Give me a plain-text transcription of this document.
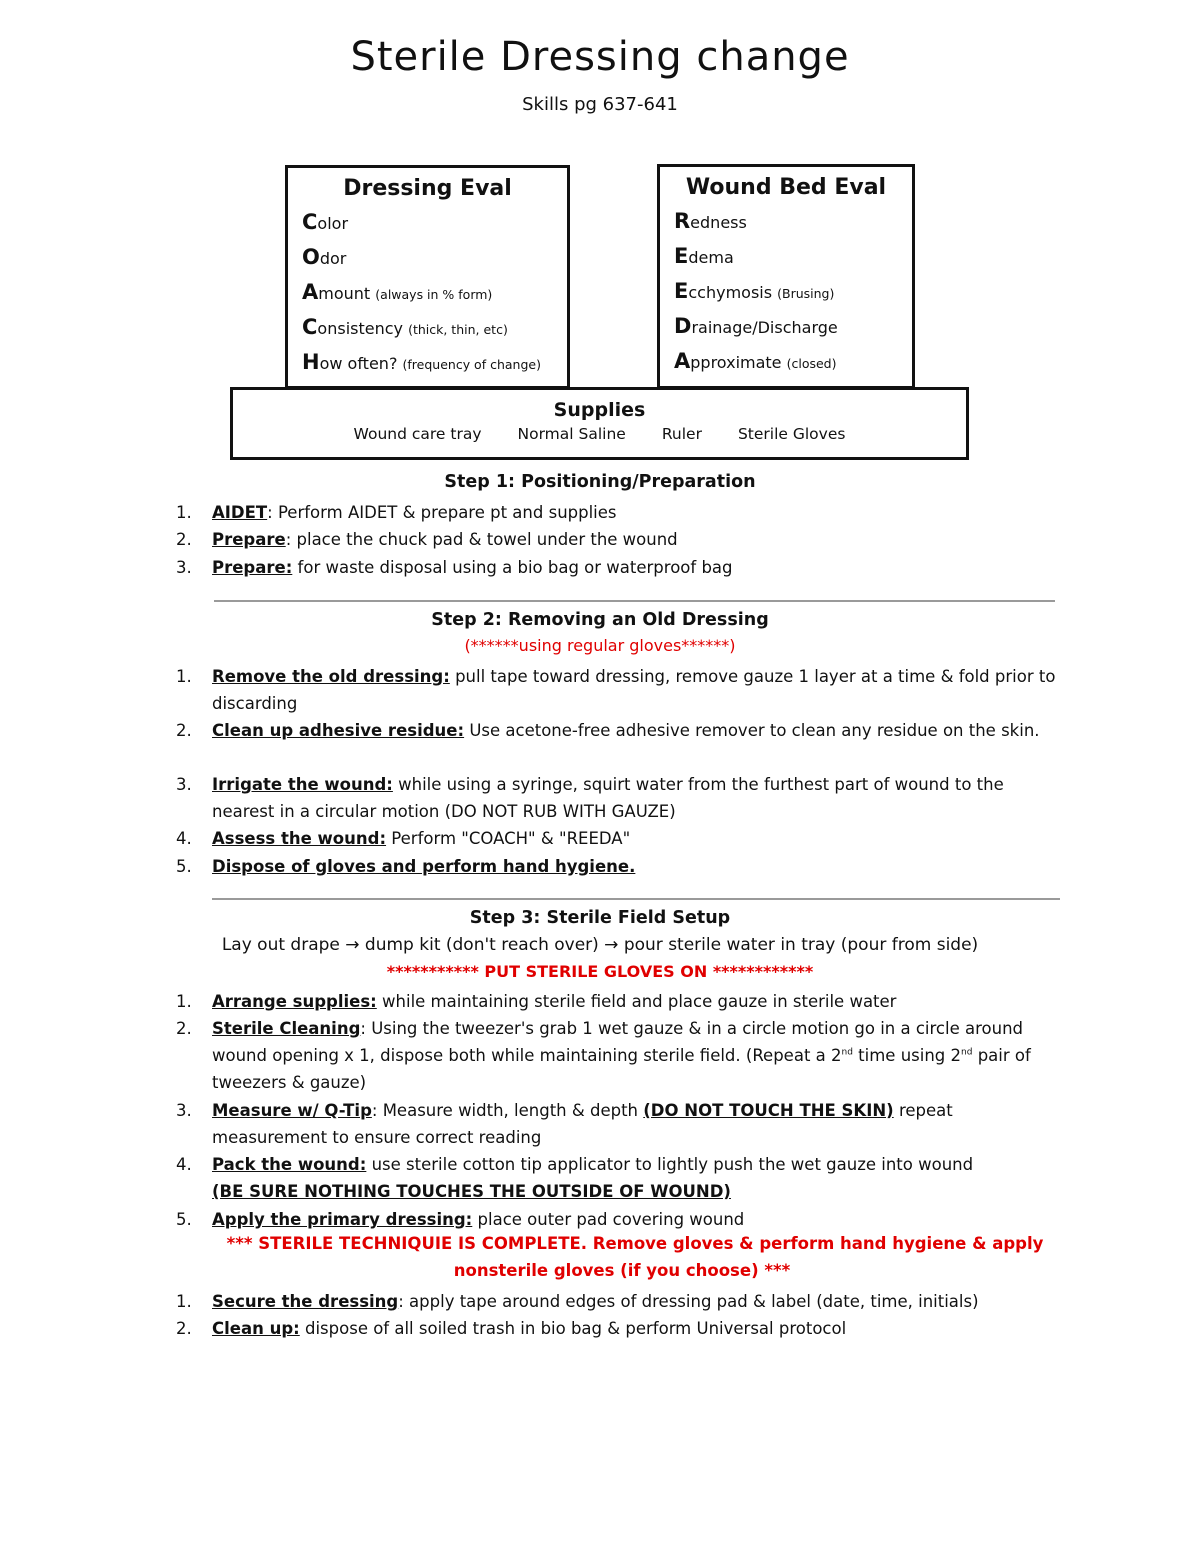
Sterile Dressing change
Skills pg 637-641
Dressing Eval
Color
Odor
Amount (always in % form)
Consistency (thick, thin, etc)
How often? (frequency of change)
Wound Bed Eval
Redness
Edema
Ecchymosis (Brusing)
Drainage/Discharge
Approximate (closed)
Supplies
Wound care tray Normal Saline Ruler Sterile Gloves
Step 1: Positioning/Preparation
1.	AIDET: Perform AIDET & prepare pt and supplies
2.	Prepare: place the chuck pad & towel under the wound
3.	Prepare: for waste disposal using a bio bag or waterproof bag
Step 2: Removing an Old Dressing
(******using regular gloves******)
1.	Remove the old dressing: pull tape toward dressing, remove gauze 1 layer at a time & fold prior to discarding
2.	Clean up adhesive residue: Use acetone-free adhesive remover to clean any residue on the skin.
3.	Irrigate the wound: while using a syringe, squirt water from the furthest part of wound to the nearest in a circular motion (DO NOT RUB WITH GAUZE)
4.	Assess the wound: Perform "COACH" & "REEDA"
5.	Dispose of gloves and perform hand hygiene.
Step 3: Sterile Field Setup
Lay out drape → dump kit (don't reach over) → pour sterile water in tray (pour from side)
*********** PUT STERILE GLOVES ON ************
1.	Arrange supplies: while maintaining sterile field and place gauze in sterile water
2.	Sterile Cleaning: Using the tweezer's grab 1 wet gauze & in a circle motion go in a circle around wound opening x 1, dispose both while maintaining sterile field. (Repeat a 2nd time using 2nd pair of tweezers & gauze)
3.	Measure w/ Q-Tip: Measure width, length & depth (DO NOT TOUCH THE SKIN) repeat measurement to ensure correct reading
4.	Pack the wound: use sterile cotton tip applicator to lightly push the wet gauze into wound
(BE SURE NOTHING TOUCHES THE OUTSIDE OF WOUND)
5.	Apply the primary dressing: place outer pad covering wound
*** STERILE TECHNIQUIE IS COMPLETE. Remove gloves & perform hand hygiene & apply
nonsterile gloves (if you choose) ***
1.	Secure the dressing: apply tape around edges of dressing pad & label (date, time, initials)
2.	Clean up: dispose of all soiled trash in bio bag & perform Universal protocol
